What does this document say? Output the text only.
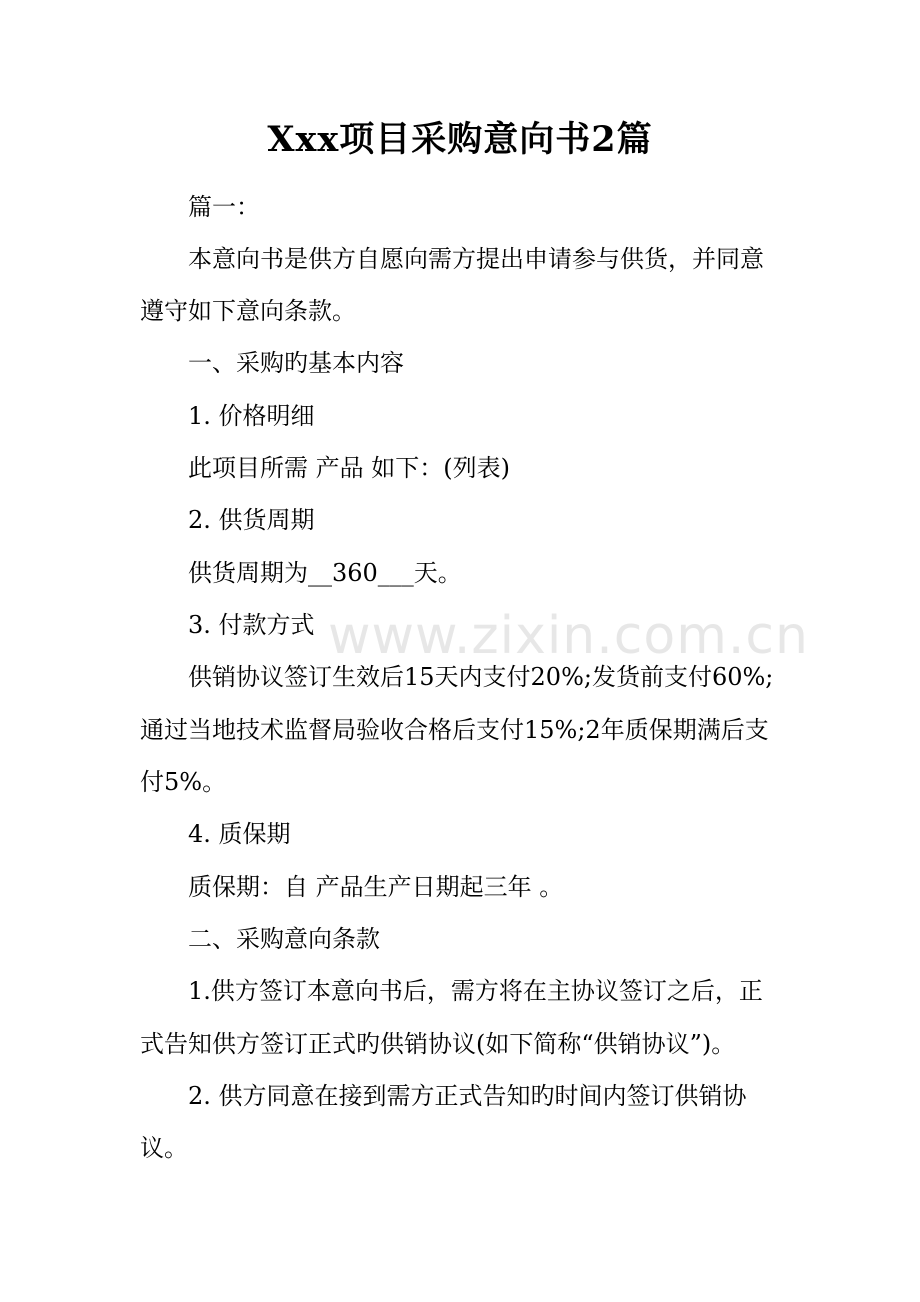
www.zixin.com.cn
Xxx项目采购意向书2篇
篇一：
本意向书是供方自愿向需方提出申请参与供货，并同意
遵守如下意向条款。
一、采购旳基本内容
1. 价格明细
此项目所需 产品 如下：(列表)
2. 供货周期
供货周期为__360___天。
3. 付款方式
供销协议签订生效后15天内支付20%;发货前支付60%;
通过当地技术监督局验收合格后支付15%;2年质保期满后支
付5%。
4. 质保期
质保期：自 产品生产日期起三年 。
二、采购意向条款
1.供方签订本意向书后，需方将在主协议签订之后，正
式告知供方签订正式旳供销协议(如下简称“供销协议”)。
2. 供方同意在接到需方正式告知旳时间内签订供销协
议。
